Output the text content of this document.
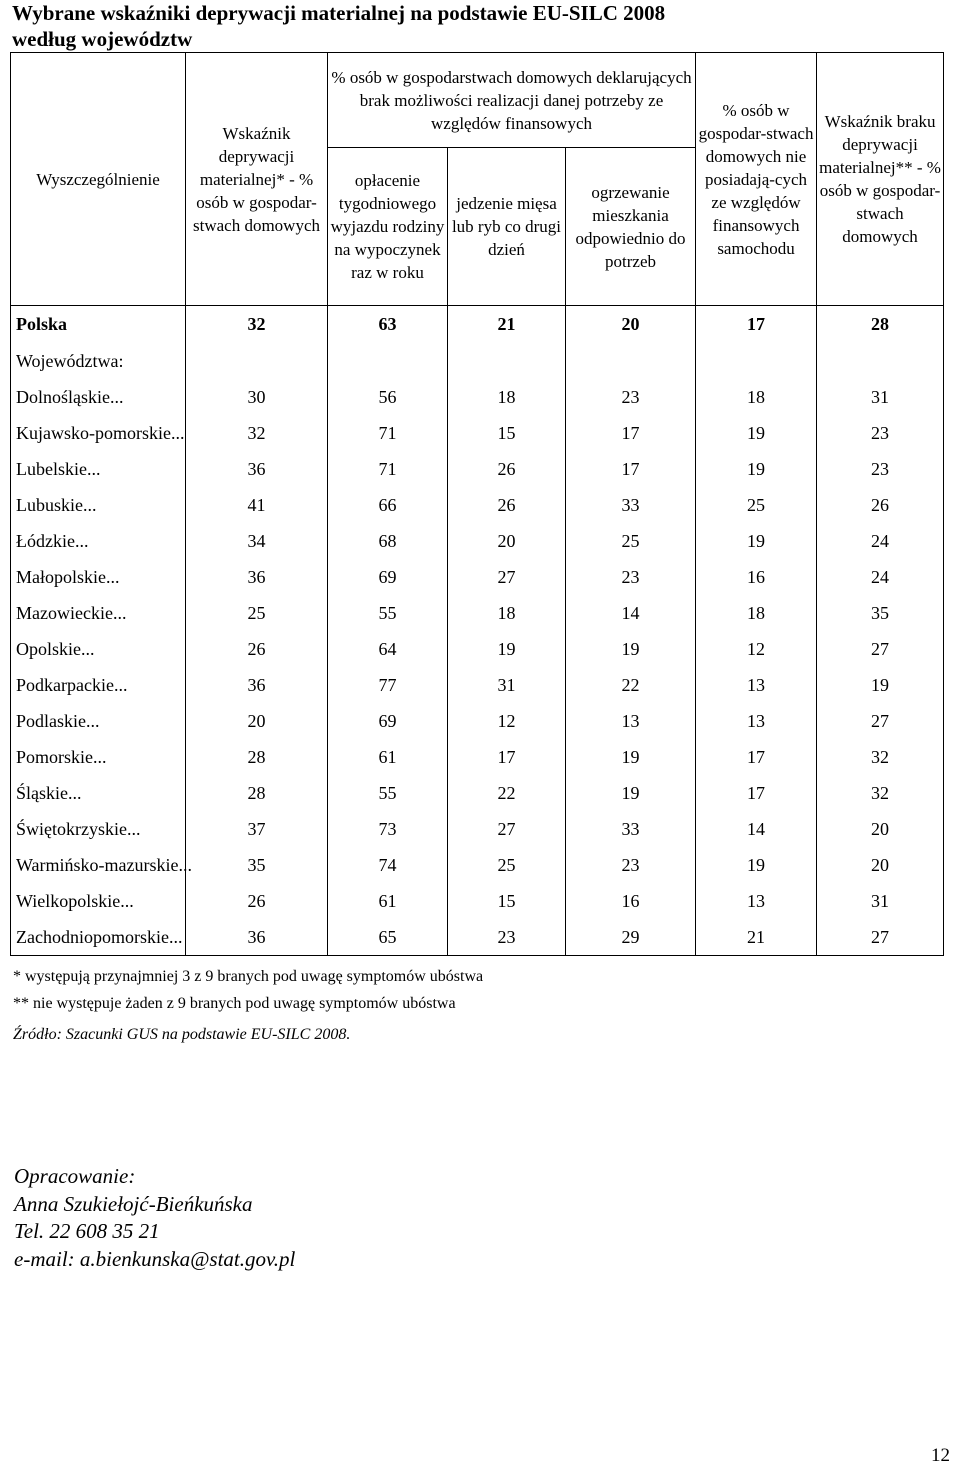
Wybrane wskaźniki deprywacji materialnej na podstawie EU-SILC 2008
według województw
Wyszczególnienie	Wskaźnik deprywacji materialnej* - % osób w gospodar-stwach domowych	% osób w gospodarstwach domowych deklarujących brak możliwości realizacji danej potrzeby ze względów finansowych			% osób w gospodar-stwach domowych nie posiadają-cych ze względów finansowych samochodu	Wskaźnik braku deprywacji materialnej** - % osób w gospodar-stwach domowych
		opłacenie tygodniowego wyjazdu rodziny na wypoczynek raz w roku	jedzenie mięsa lub ryb co drugi dzień	ogrzewanie mieszkania odpowiednio do potrzeb		
Polska	32	63	21	20	17	28
Województwa:						
Dolnośląskie...	30	56	18	23	18	31
Kujawsko-pomorskie...	32	71	15	17	19	23
Lubelskie...	36	71	26	17	19	23
Lubuskie...	41	66	26	33	25	26
Łódzkie...	34	68	20	25	19	24
Małopolskie...	36	69	27	23	16	24
Mazowieckie...	25	55	18	14	18	35
Opolskie...	26	64	19	19	12	27
Podkarpackie...	36	77	31	22	13	19
Podlaskie...	20	69	12	13	13	27
Pomorskie...	28	61	17	19	17	32
Śląskie...	28	55	22	19	17	32
Świętokrzyskie...	37	73	27	33	14	20
Warmińsko-mazurskie...	35	74	25	23	19	20
Wielkopolskie...	26	61	15	16	13	31
Zachodniopomorskie...	36	65	23	29	21	27
* występują przynajmniej 3 z 9 branych pod uwagę symptomów ubóstwa
** nie występuje żaden z 9 branych pod uwagę symptomów ubóstwa
Źródło: Szacunki GUS na podstawie EU-SILC 2008.
Opracowanie:
Anna Szukiełojć-Bieńkuńska
Tel. 22 608 35 21
e-mail: a.bienkunska@stat.gov.pl
12
